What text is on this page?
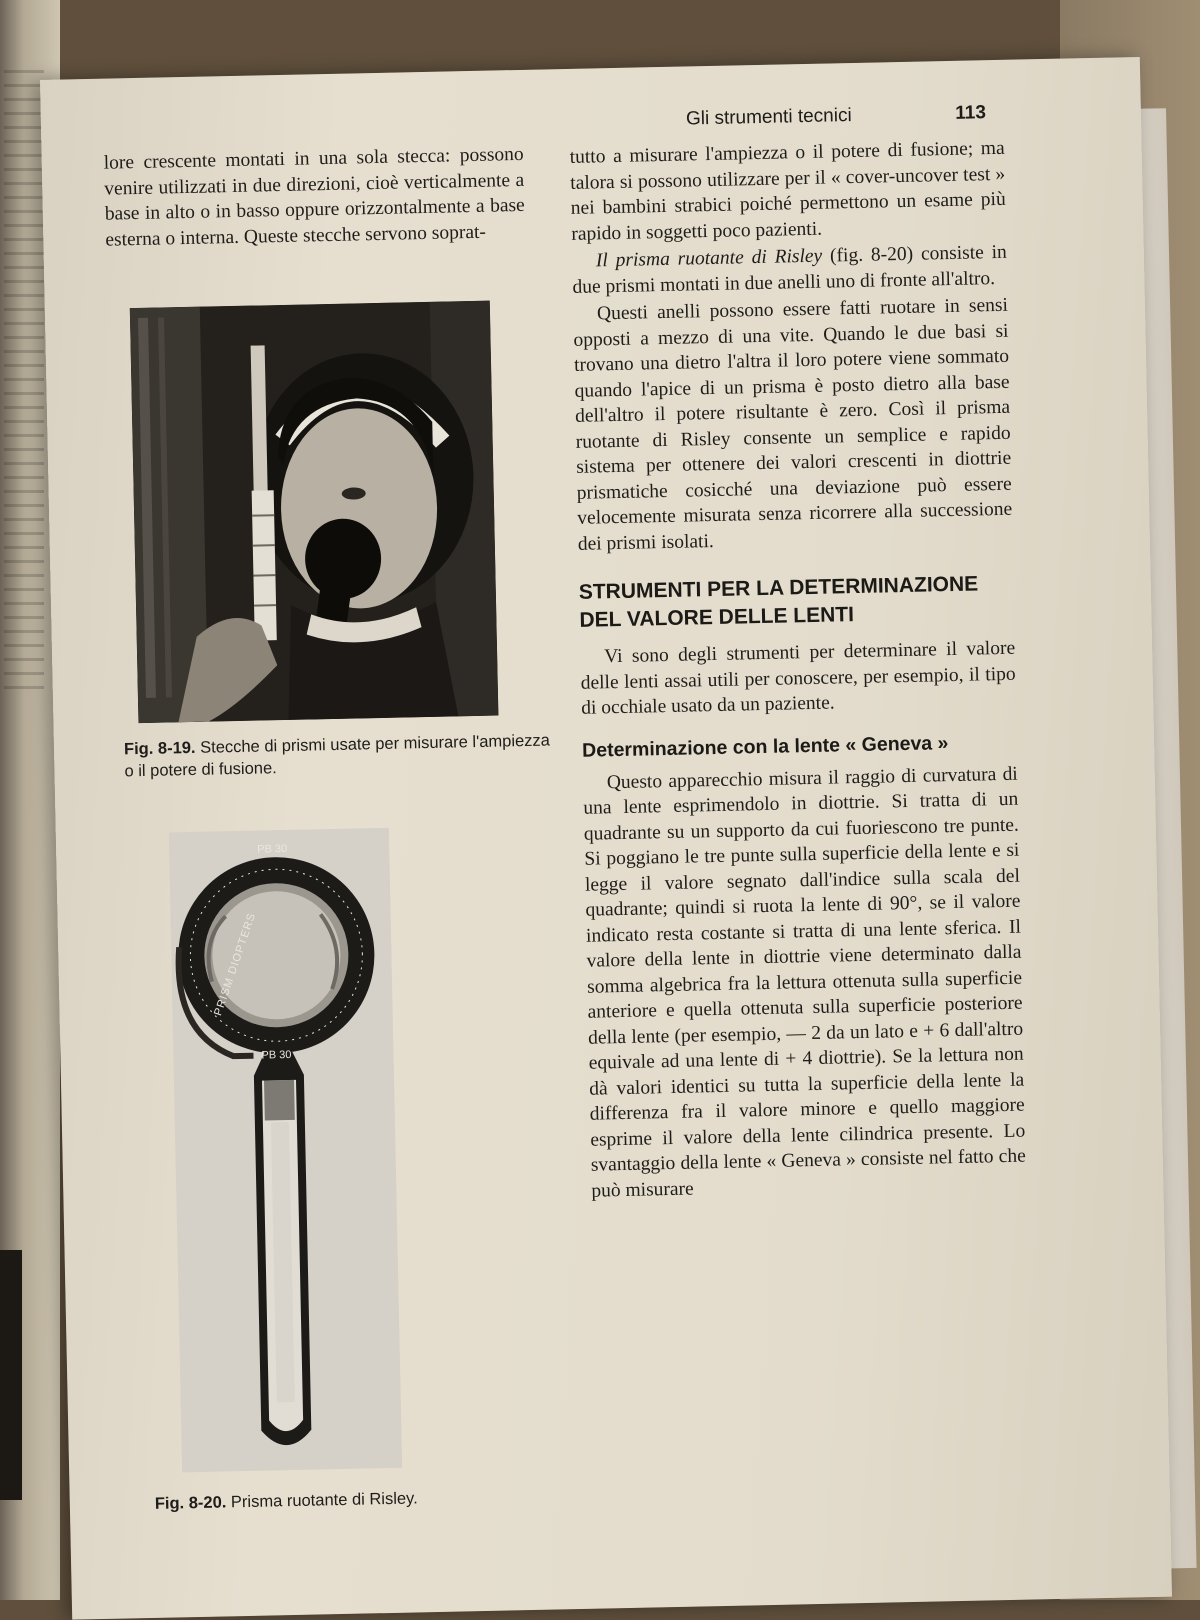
Gli strumenti tecnici	113

lore crescente montati in una sola stecca: possono venire utilizzati in due direzioni, cioè verticalmente a base in alto o in basso oppure orizzontalmente a base esterna o interna. Queste stecche servono soprat-

Fig. 8-19. Stecche di prismi usate per misurare l'ampiezza o il potere di fusione.
PRISM DIOPTERS
PB 30
PB 30
Fig. 8-20. Prisma ruotante di Risley.

tutto a misurare l'ampiezza o il potere di fusione; ma talora si possono utilizzare per il « cover-uncover test » nei bambini strabici poiché permettono un esame più rapido in soggetti poco pazienti.

Il prisma ruotante di Risley (fig. 8-20) consiste in due prismi montati in due anelli uno di fronte all'altro.

Questi anelli possono essere fatti ruotare in sensi opposti a mezzo di una vite. Quando le due basi si trovano una dietro l'altra il loro potere viene sommato quando l'apice di un prisma è posto dietro alla base dell'altro il potere risultante è zero. Così il prisma ruotante di Risley consente un semplice e rapido sistema per ottenere dei valori crescenti in diottrie prismatiche cosicché una deviazione può essere velocemente misurata senza ricorrere alla successione dei prismi isolati.

STRUMENTI PER LA DETERMINAZIONE DEL VALORE DELLE LENTI

Vi sono degli strumenti per determinare il valore delle lenti assai utili per conoscere, per esempio, il tipo di occhiale usato da un paziente.

Determinazione con la lente « Geneva »

Questo apparecchio misura il raggio di curvatura di una lente esprimendolo in diottrie. Si tratta di un quadrante su un supporto da cui fuoriescono tre punte. Si poggiano le tre punte sulla superficie della lente e si legge il valore segnato dall'indice sulla scala del quadrante; quindi si ruota la lente di 90°, se il valore indicato resta costante si tratta di una lente sferica. Il valore della lente in diottrie viene determinato dalla somma algebrica fra la lettura ottenuta sulla superficie anteriore e quella ottenuta sulla superficie posteriore della lente (per esempio, — 2 da un lato e + 6 dall'altro equivale ad una lente di + 4 diottrie). Se la lettura non dà valori identici su tutta la superficie della lente la differenza fra il valore minore e quello maggiore esprime il valore della lente cilindrica presente. Lo svantaggio della lente « Geneva » consiste nel fatto che può misurare
